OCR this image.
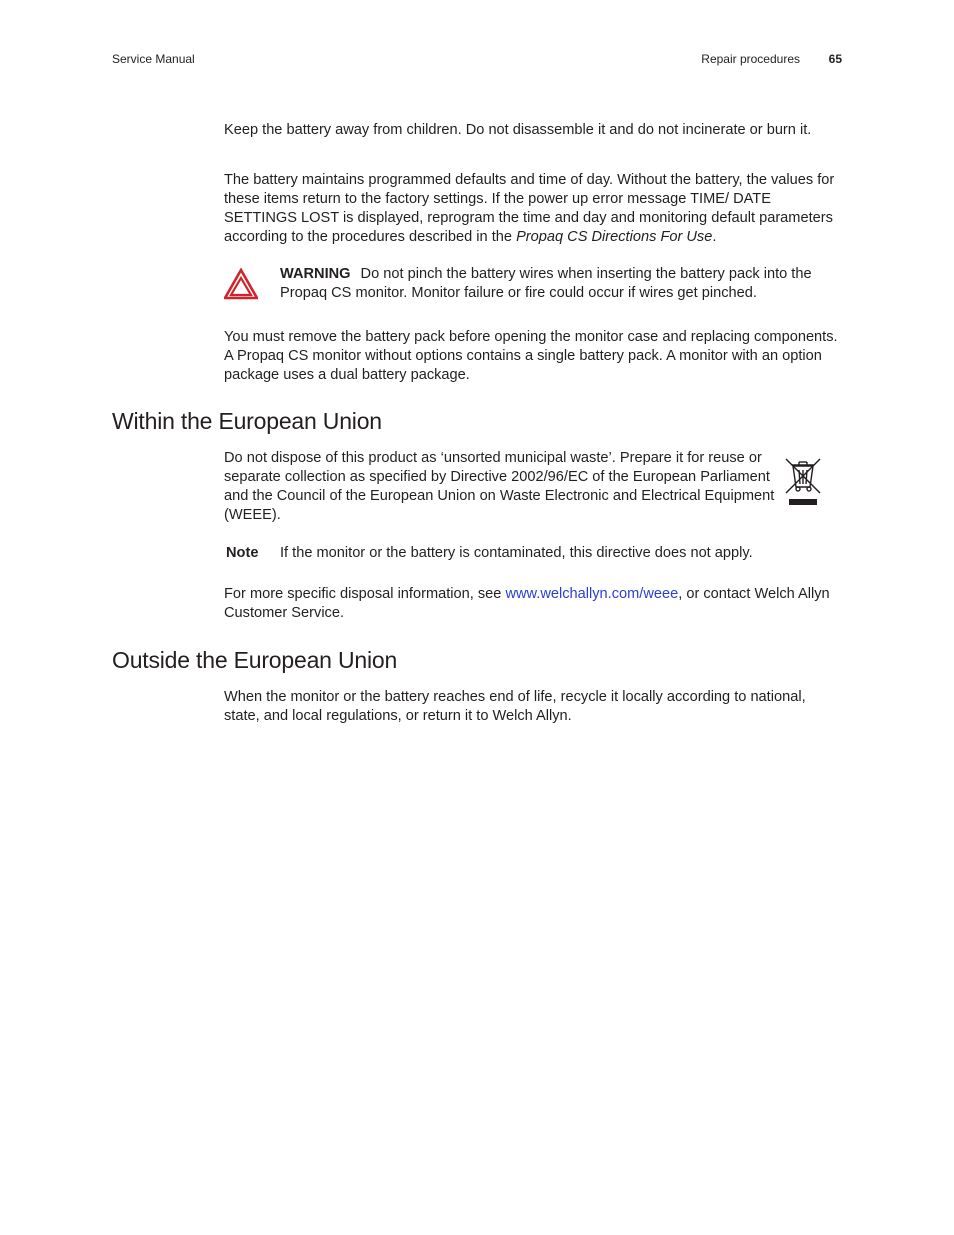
Service Manual	Repair procedures 65

Keep the battery away from children. Do not disassemble it and do not incinerate or burn it.

The battery maintains programmed defaults and time of day. Without the battery, the values for these items return to the factory settings. If the power up error message TIME/ DATE SETTINGS LOST is displayed, reprogram the time and day and monitoring default parameters according to the procedures described in the Propaq CS Directions For Use.

WARNING Do not pinch the battery wires when inserting the battery pack into the Propaq CS monitor. Monitor failure or fire could occur if wires get pinched.

You must remove the battery pack before opening the monitor case and replacing components. A Propaq CS monitor without options contains a single battery pack. A monitor with an option package uses a dual battery package.

Within the European Union

Do not dispose of this product as ‘unsorted municipal waste’. Prepare it for reuse or separate collection as specified by Directive 2002/96/EC of the European Parliament and the Council of the European Union on Waste Electronic and Electrical Equipment (WEEE).

Note If the monitor or the battery is contaminated, this directive does not apply.

For more specific disposal information, see www.welchallyn.com/weee, or contact Welch Allyn Customer Service.

Outside the European Union

When the monitor or the battery reaches end of life, recycle it locally according to national, state, and local regulations, or return it to Welch Allyn.
